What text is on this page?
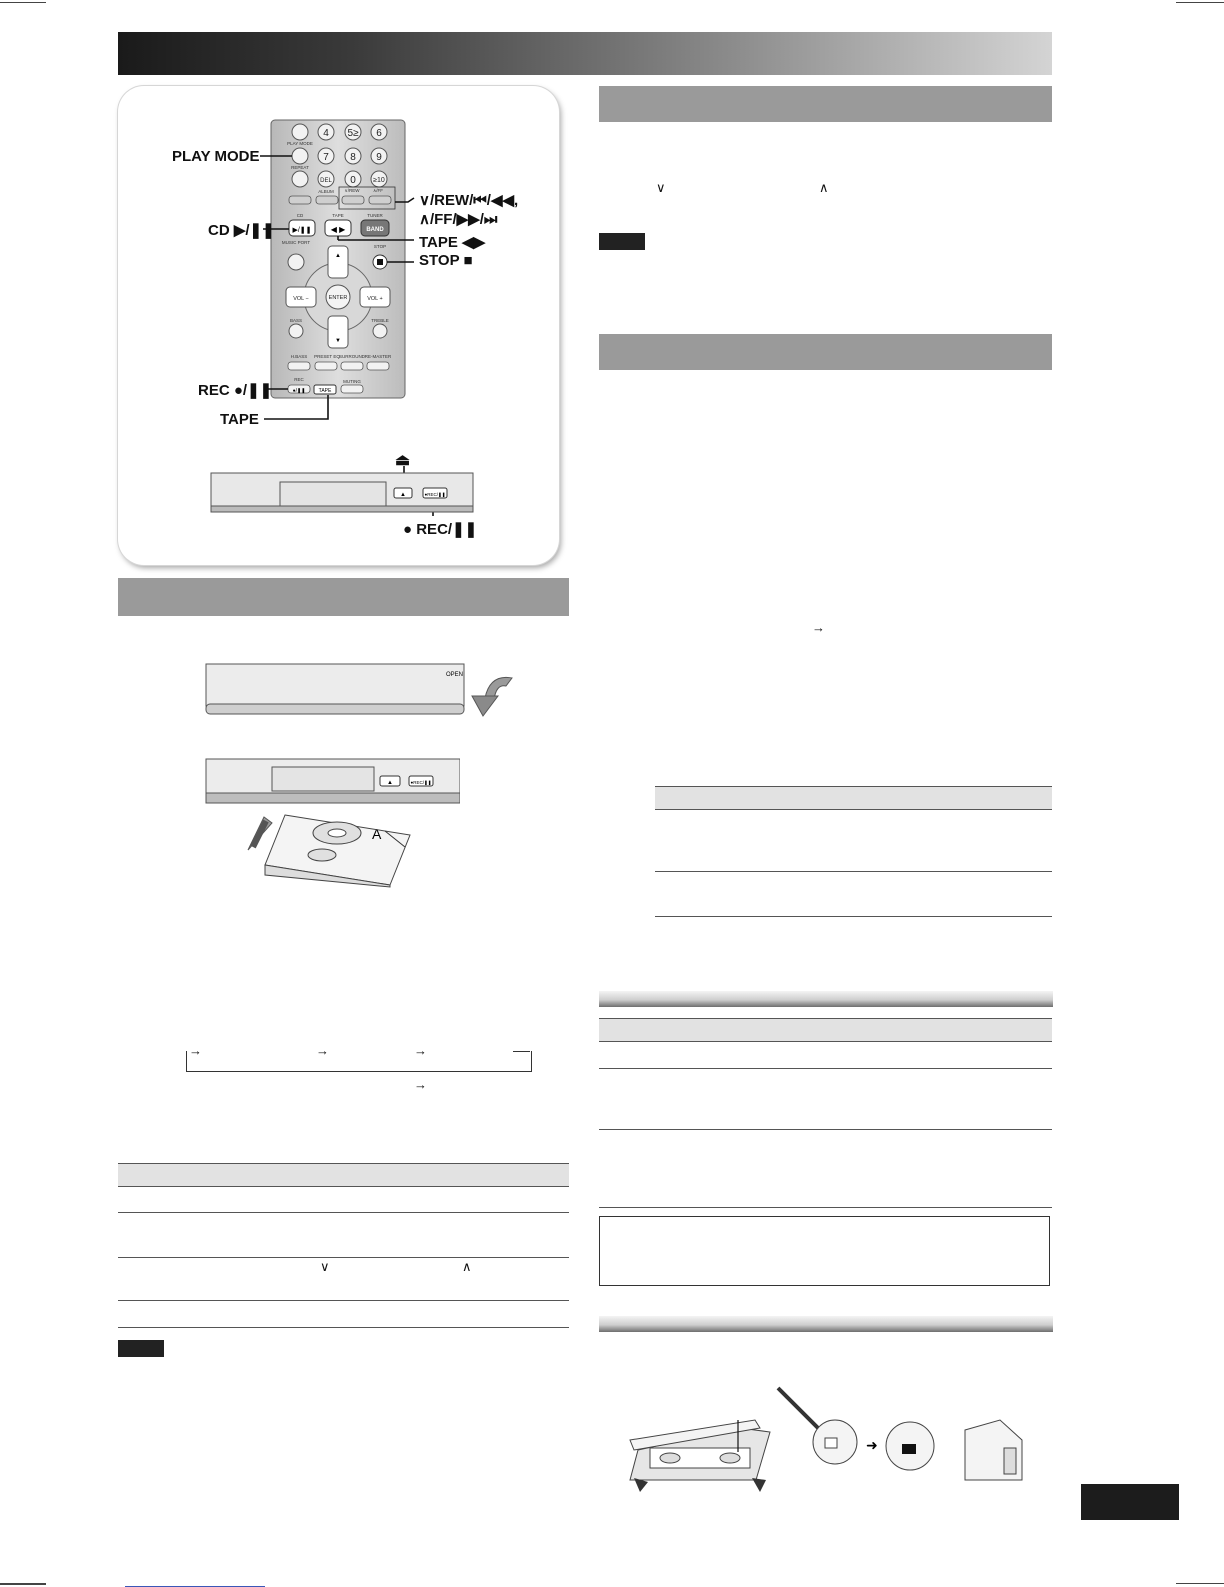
4 5≥ 6
7 8 9
DEL 0 ≥10
PLAY MODE
REPEAT
ALBUM ∨/REW	∧/FF
CD	TAPE	TUNER
MUSIC PORT
STOP
BASS	TREBLE
H.BASS PRESET EQ SURROUND RE-MASTER
REC	MUTING
▶/❚❚ ◀ ▶	BAND
ENTER
VOL −	VOL +
▲
▼
TAPE
●/❚❚
▲	●REC/❚❚
PLAY MODE
CD ▶/❚❚
∨/REW/⏮/◀◀,
∧/FF/▶▶/⏭
TAPE ◀▶
STOP ■
REC ●/❚❚
TAPE
⏏
● REC/❚❚
OPEN
▲	●REC/❚❚
A
→	→	→
→
∨	∧
∨	∧
→
➜
